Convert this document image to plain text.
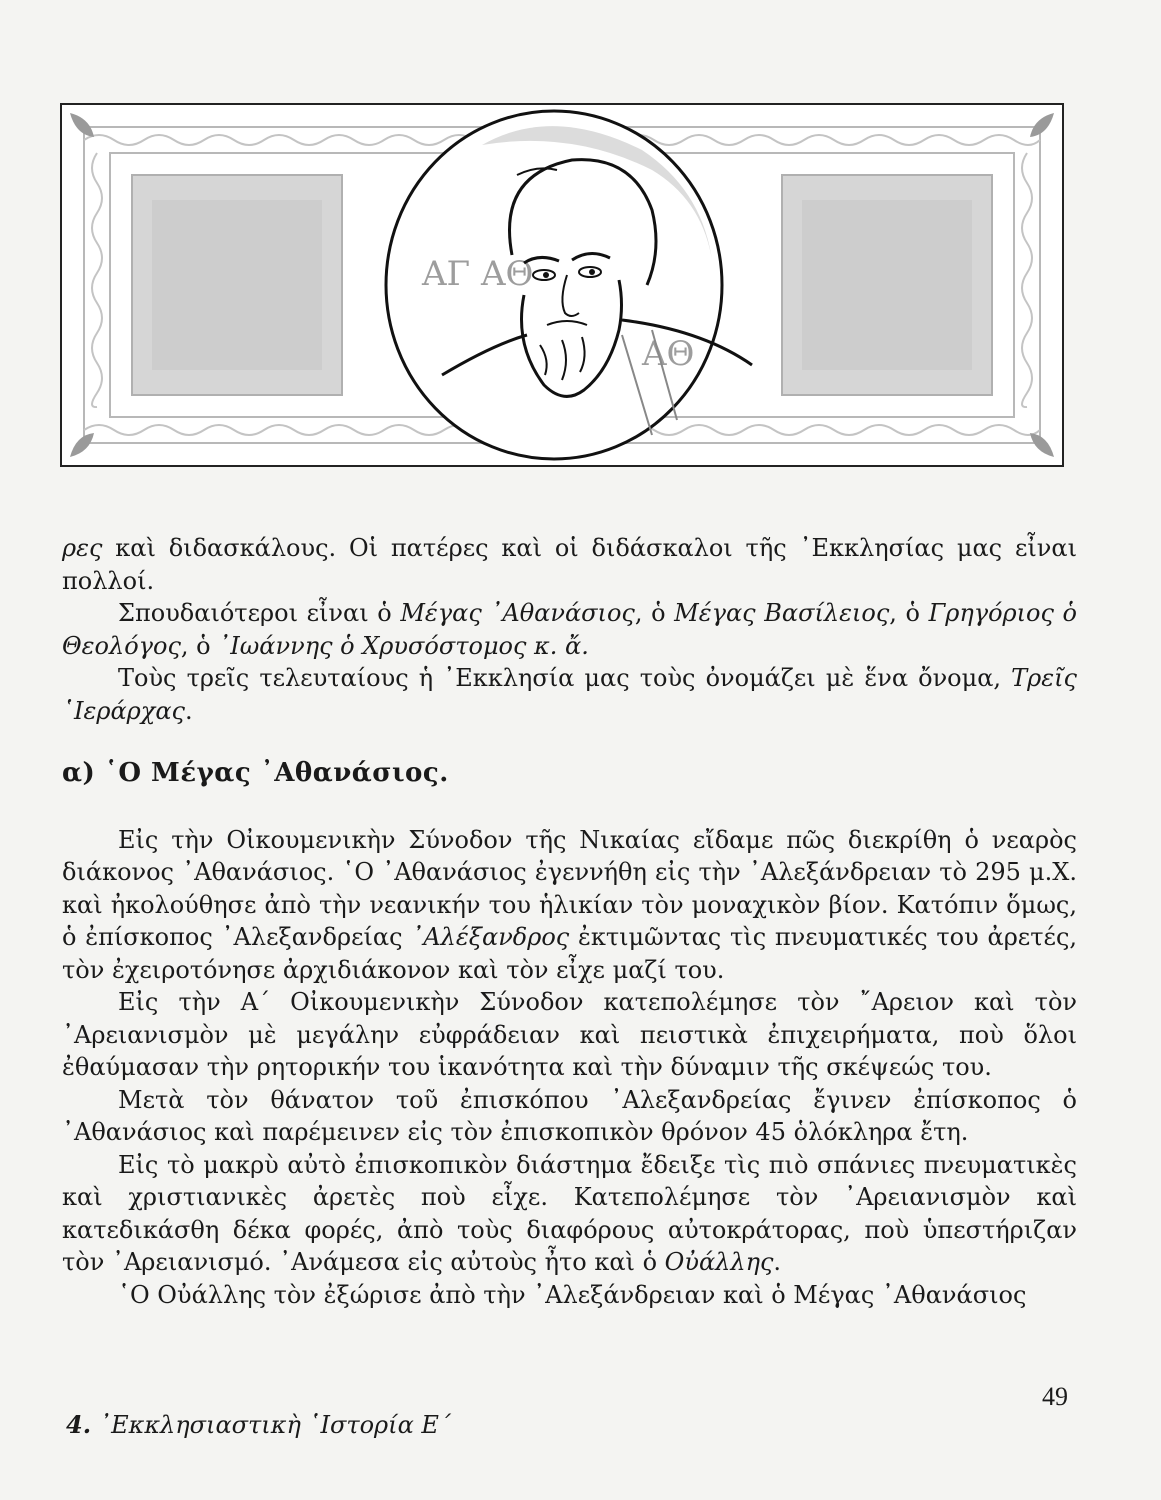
ΑΓ ΑΘ
ΑΘ

ρες καὶ διδασκάλους. Οἱ πατέρες καὶ οἱ διδάσκαλοι τῆς ᾿Εκκλησίας μας εἶναι πολλοί.

Σπουδαιότεροι εἶναι ὁ Μέγας ᾿Αθανάσιος, ὁ Μέγας Βασίλειος, ὁ Γρηγόριος ὁ Θεολόγος, ὁ ᾿Ιωάννης ὁ Χρυσόστομος κ. ἄ.

Τοὺς τρεῖς τελευταίους ἡ ᾿Εκκλησία μας τοὺς ὀνομάζει μὲ ἕνα ὄνομα, Τρεῖς ῾Ιεράρχας.

α) ῾Ο Μέγας ᾿Αθανάσιος.

Εἰς τὴν Οἰκουμενικὴν Σύνοδον τῆς Νικαίας εἴδαμε πῶς διεκρίθη ὁ νεαρὸς διάκονος ᾿Αθανάσιος. ῾Ο ᾿Αθανάσιος ἐγεννήθη εἰς τὴν ᾿Αλεξάνδρειαν τὸ 295 μ.Χ. καὶ ἠκολούθησε ἀπὸ τὴν νεανικήν του ἡλικίαν τὸν μοναχικὸν βίον. Κατόπιν ὅμως, ὁ ἐπίσκοπος ᾿Αλεξανδρείας ᾿Αλέξανδρος ἐκτιμῶντας τὶς πνευματικές του ἀρετές, τὸν ἐχειροτόνησε ἀρχιδιάκονον καὶ τὸν εἶχε μαζί του.

Εἰς τὴν Α΄ Οἰκουμενικὴν Σύνοδον κατεπολέμησε τὸν ῎Αρειον καὶ τὸν ᾿Αρειανισμὸν μὲ μεγάλην εὐφράδειαν καὶ πειστικὰ ἐπιχειρήματα, ποὺ ὅλοι ἐθαύμασαν τὴν ρητορικήν του ἱκανότητα καὶ τὴν δύναμιν τῆς σκέψεώς του.

Μετὰ τὸν θάνατον τοῦ ἐπισκόπου ᾿Αλεξανδρείας ἔγινεν ἐπίσκοπος ὁ ᾿Αθανάσιος καὶ παρέμεινεν εἰς τὸν ἐπισκοπικὸν θρόνον 45 ὁλόκληρα ἔτη.

Εἰς τὸ μακρὺ αὐτὸ ἐπισκοπικὸν διάστημα ἔδειξε τὶς πιὸ σπάνιες πνευματικὲς καὶ χριστιανικὲς ἀρετὲς ποὺ εἶχε. Κατεπολέμησε τὸν ᾿Αρειανισμὸν καὶ κατεδικάσθη δέκα φορές, ἀπὸ τοὺς διαφόρους αὐτοκράτορας, ποὺ ὑπεστήριζαν τὸν ᾿Αρειανισμό. ᾿Ανάμεσα εἰς αὐτοὺς ἦτο καὶ ὁ Οὐάλλης.

῾Ο Οὐάλλης τὸν ἐξώρισε ἀπὸ τὴν ᾿Αλεξάνδρειαν καὶ ὁ Μέγας ᾿Αθανάσιος

4. ᾿Εκκλησιαστικὴ ῾Ιστορία Ε΄
49
